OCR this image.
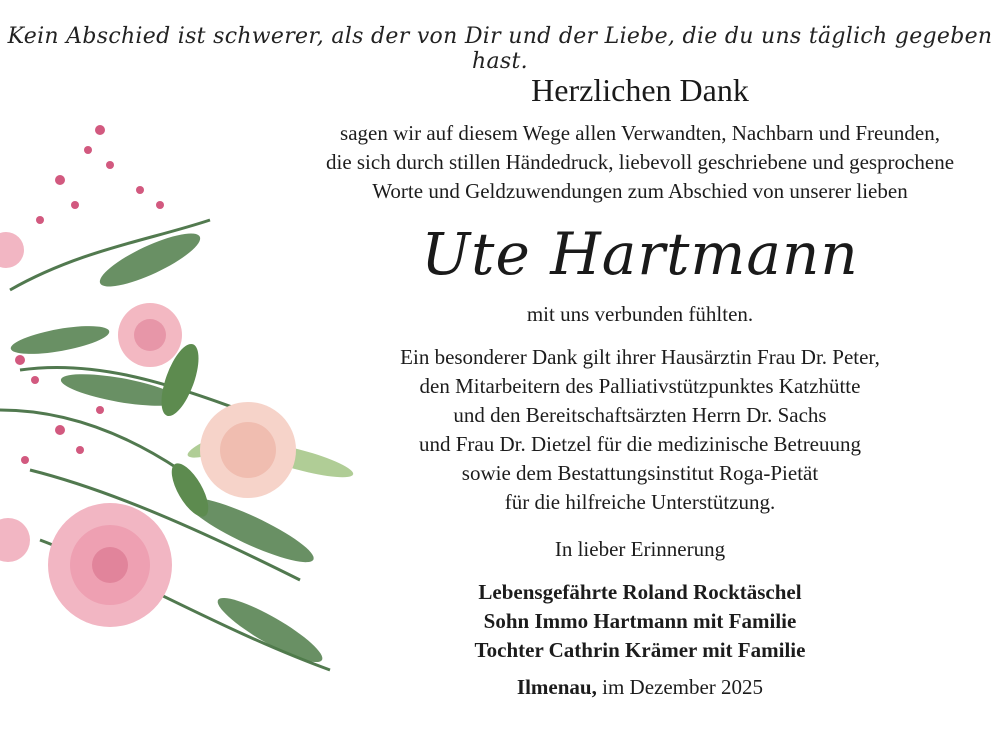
Kein Abschied ist schwerer, als der von Dir und der Liebe, die du uns täglich gegeben hast.
Herzlichen Dank
sagen wir auf diesem Wege allen Verwandten, Nachbarn und Freunden,
die sich durch stillen Händedruck, liebevoll geschriebene und gesprochene
Worte und Geldzuwendungen zum Abschied von unserer lieben
Ute Hartmann
mit uns verbunden fühlten.
Ein besonderer Dank gilt ihrer Hausärztin Frau Dr. Peter,
den Mitarbeitern des Palliativstützpunktes Katzhütte
und den Bereitschaftsärzten Herrn Dr. Sachs
und Frau Dr. Dietzel für die medizinische Betreuung
sowie dem Bestattungsinstitut Roga-Pietät
für die hilfreiche Unterstützung.
In lieber Erinnerung
Lebensgefährte Roland Rocktäschel
Sohn Immo Hartmann mit Familie
Tochter Cathrin Krämer mit Familie
Ilmenau, im Dezember 2025
